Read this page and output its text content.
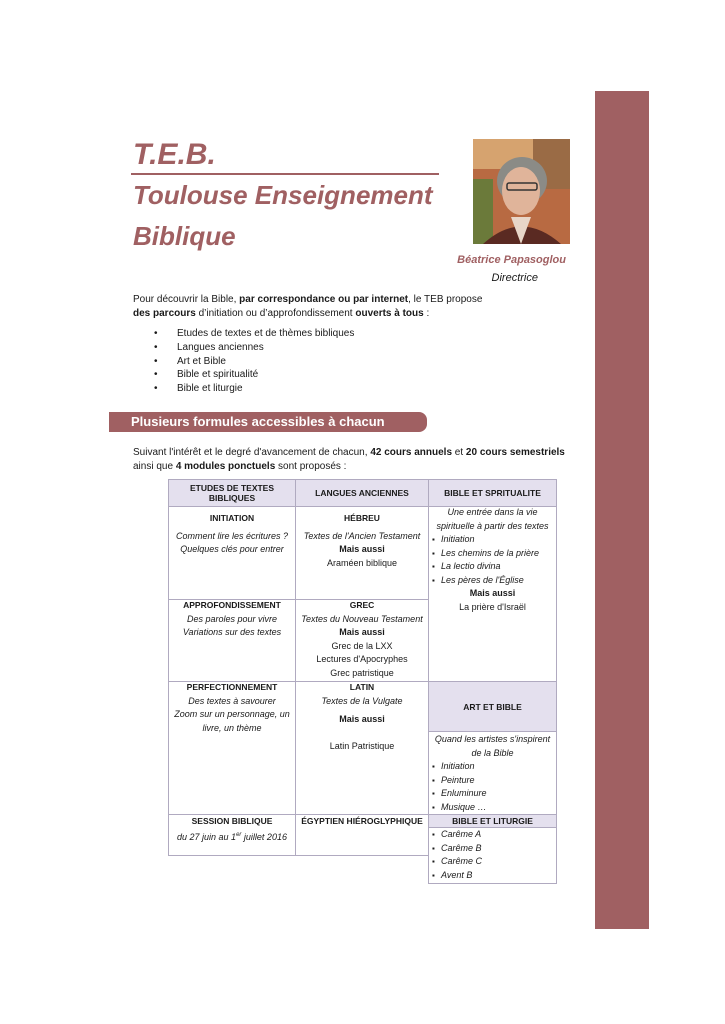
T.E.B.
Toulouse Enseignement
Biblique
Béatrice Papasoglou
Directrice
Pour découvrir la Bible, par correspondance ou par internet, le TEB propose
des parcours d’initiation ou d’approfondissement ouverts à tous :
• Etudes de textes et de thèmes bibliques
• Langues anciennes
• Art et Bible
• Bible et spiritualité
• Bible et liturgie
Plusieurs formules accessibles à chacun
Suivant l'intérêt et le degré d'avancement de chacun, 42 cours annuels et 20 cours semestriels
ainsi que 4 modules ponctuels sont proposés :
ETUDES DE TEXTES BIBLIQUES	LANGUES ANCIENNES	BIBLE ET SPRITUALITE
ART ET BIBLE
BIBLE ET LITURGIE
INITIATION
Comment lire les écritures ?
Quelques clés pour entrer
APPROFONDISSEMENT
Des paroles pour vivre
Variations sur des textes
PERFECTIONNEMENT
Des textes à savourer
Zoom sur un personnage, un
livre, un thème
SESSION BIBLIQUE
du 27 juin au 1er juillet 2016
HÉBREU
Textes de l'Ancien Testament
Mais aussi
Araméen biblique
GREC
Textes du Nouveau Testament
Mais aussi
Grec de la LXX
Lectures d'Apocryphes
Grec patristique
LATIN
Textes de la Vulgate
Mais aussi
Latin Patristique
ÉGYPTIEN HIÉROGLYPHIQUE
Une entrée dans la vie
spirituelle à partir des textes
▪ Initiation
▪ Les chemins de la prière
▪ La lectio divina
▪ Les pères de l'Église
Mais aussi
La prière d'Israël
Quand les artistes s'inspirent
de la Bible
▪ Initiation
▪ Peinture
▪ Enluminure
▪ Musique …
▪ Carême A
▪ Carême B
▪ Carême C
▪ Avent B
